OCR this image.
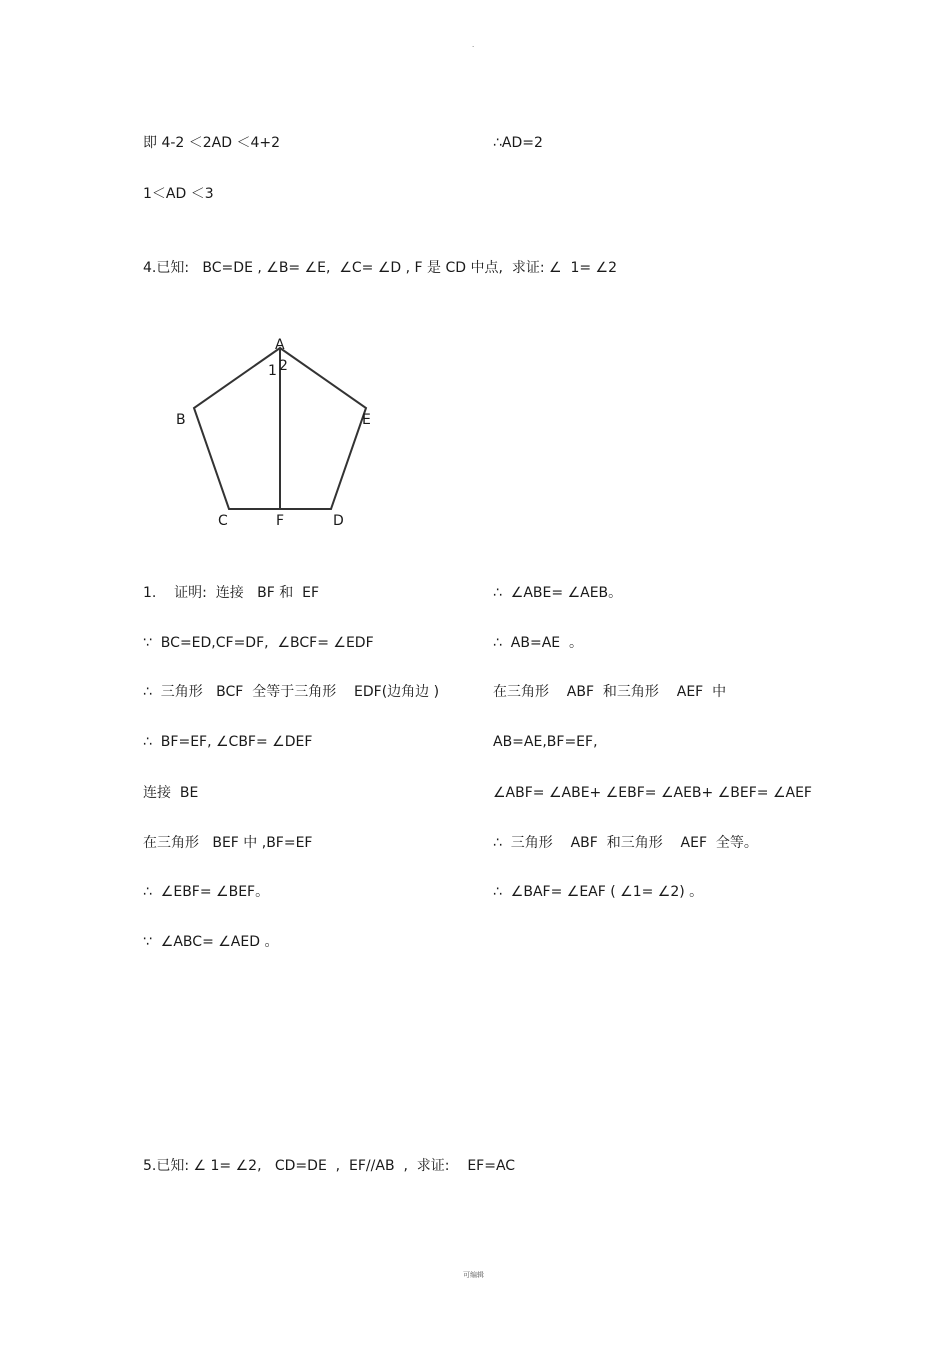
.
即 4-2 ＜2AD ＜4+2	∴AD=2
1＜AD ＜3
4.已知:   BC=DE , ∠B= ∠E,  ∠C= ∠D , F 是 CD 中点,  求证: ∠  1= ∠2
A
1 2
B	E
C	F	D
1.    证明:  连接   BF 和  EF
∵  BC=ED,CF=DF,  ∠BCF= ∠EDF
∴  三角形   BCF  全等于三角形    EDF(边角边 )
∴  BF=EF, ∠CBF= ∠DEF
连接  BE
在三角形   BEF 中 ,BF=EF
∴  ∠EBF= ∠BEF。
∵  ∠ABC= ∠AED 。
∴  ∠ABE= ∠AEB。
∴  AB=AE  。
在三角形    ABF  和三角形    AEF  中
AB=AE,BF=EF,
∠ABF= ∠ABE+ ∠EBF= ∠AEB+ ∠BEF= ∠AEF
∴  三角形    ABF  和三角形    AEF  全等。
∴  ∠BAF= ∠EAF ( ∠1= ∠2) 。
5.已知: ∠ 1= ∠2,   CD=DE  ,  EF//AB  ,  求证:    EF=AC
可编辑
